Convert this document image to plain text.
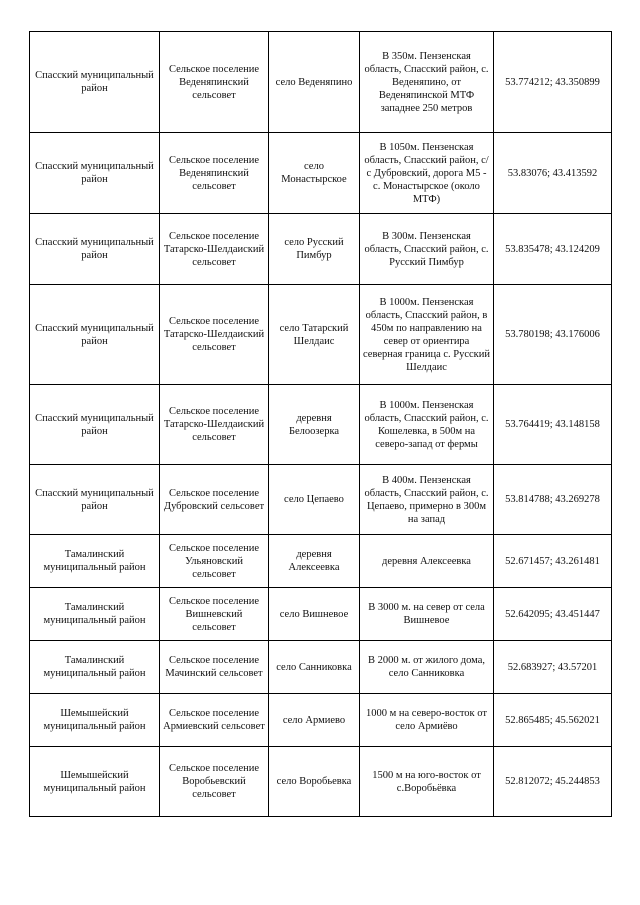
Спасский муниципальный район	Сельское поселение Веденяпинский сельсовет	село Веденяпино	В 350м. Пензенская область, Спасский район, с. Веденяпино, от Веденяпинской МТФ западнее 250 метров	53.774212; 43.350899
Спасский муниципальный район	Сельское поселение Веденяпинский сельсовет	село Монастырское	В 1050м. Пензенская область, Спасский район, с/с Дубровский, дорога М5 - с. Монастырское (около МТФ)	53.83076; 43.413592
Спасский муниципальный район	Сельское поселение Татарско-Шелдаиский сельсовет	село Русский Пимбур	В 300м. Пензенская область, Спасский район, с. Русский Пимбур	53.835478; 43.124209
Спасский муниципальный район	Сельское поселение Татарско-Шелдаиский сельсовет	село Татарский Шелдаис	В 1000м. Пензенская область, Спасский район, в 450м по направлению на север от ориентира северная граница с. Русский Шелдаис	53.780198; 43.176006
Спасский муниципальный район	Сельское поселение Татарско-Шелдаиский сельсовет	деревня Белоозерка	В 1000м. Пензенская область, Спасский район, с. Кошелевка, в 500м на северо-запад от фермы	53.764419; 43.148158
Спасский муниципальный район	Сельское поселение Дубровский сельсовет	село Цепаево	В 400м. Пензенская область, Спасский район, с. Цепаево, примерно в 300м на запад	53.814788; 43.269278
Тамалинский муниципальный район	Сельское поселение Ульяновский сельсовет	деревня Алексеевка	деревня Алексеевка	52.671457; 43.261481
Тамалинский муниципальный район	Сельское поселение Вишневский сельсовет	село Вишневое	В 3000 м. на север от села Вишневое	52.642095; 43.451447
Тамалинский муниципальный район	Сельское поселение Мачинский сельсовет	село Санниковка	В 2000 м. от жилого дома, село Санниковка	52.683927; 43.57201
Шемышейский муниципальный район	Сельское поселение Армиевский сельсовет	село Армиево	1000 м на северо-восток от село Армиёво	52.865485; 45.562021
Шемышейский муниципальный район	Сельское поселение Воробьевский сельсовет	село Воробьевка	1500 м на юго-восток от с.Воробьёвка	52.812072; 45.244853
